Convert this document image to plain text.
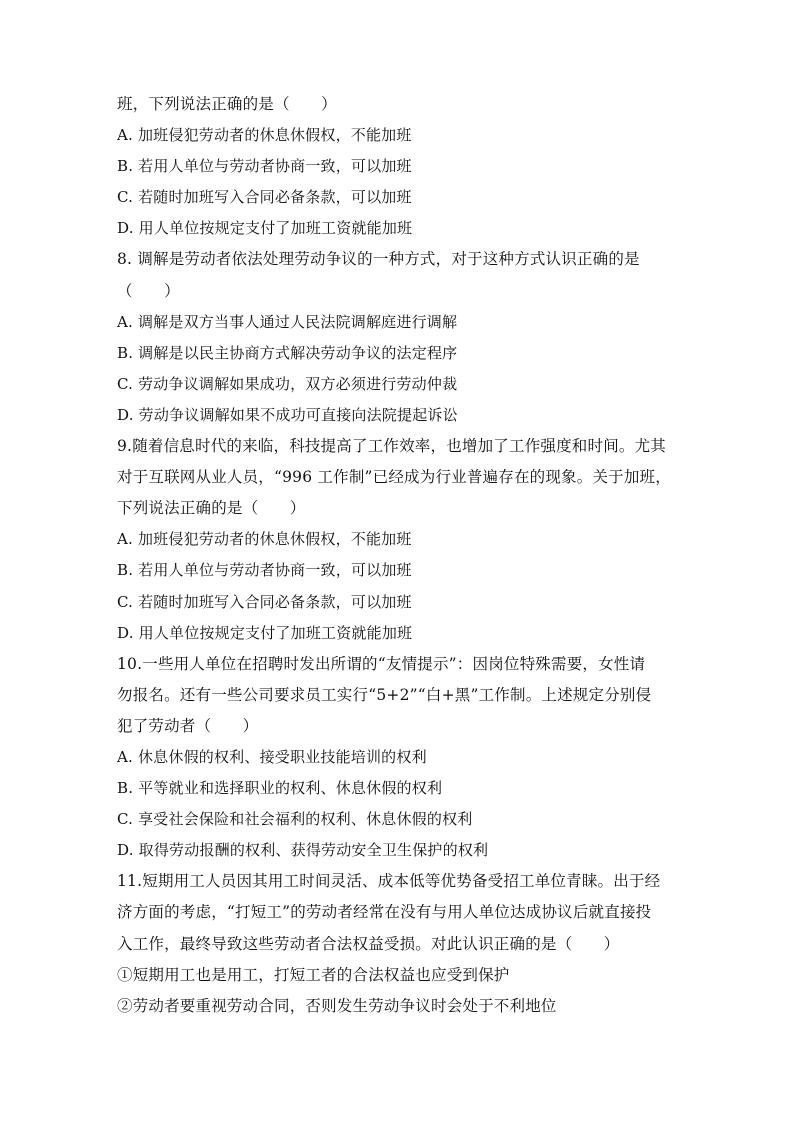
班，下列说法正确的是（　　）
A. 加班侵犯劳动者的休息休假权，不能加班
B. 若用人单位与劳动者协商一致，可以加班
C. 若随时加班写入合同必备条款，可以加班
D. 用人单位按规定支付了加班工资就能加班
8. 调解是劳动者依法处理劳动争议的一种方式，对于这种方式认识正确的是
（　　）
A. 调解是双方当事人通过人民法院调解庭进行调解
B. 调解是以民主协商方式解决劳动争议的法定程序
C. 劳动争议调解如果成功，双方必须进行劳动仲裁
D. 劳动争议调解如果不成功可直接向法院提起诉讼
9.随着信息时代的来临，科技提高了工作效率，也增加了工作强度和时间。尤其
对于互联网从业人员，“996 工作制”已经成为行业普遍存在的现象。关于加班，
下列说法正确的是（　　）
A. 加班侵犯劳动者的休息休假权，不能加班
B. 若用人单位与劳动者协商一致，可以加班
C. 若随时加班写入合同必备条款，可以加班
D. 用人单位按规定支付了加班工资就能加班
10.一些用人单位在招聘时发出所谓的“友情提示”：因岗位特殊需要，女性请
勿报名。还有一些公司要求员工实行“5+2”“白+黑”工作制。上述规定分别侵
犯了劳动者（　　）
A. 休息休假的权利、接受职业技能培训的权利
B. 平等就业和选择职业的权利、休息休假的权利
C. 享受社会保险和社会福利的权利、休息休假的权利
D. 取得劳动报酬的权利、获得劳动安全卫生保护的权利
11.短期用工人员因其用工时间灵活、成本低等优势备受招工单位青睐。出于经
济方面的考虑，“打短工”的劳动者经常在没有与用人单位达成协议后就直接投
入工作，最终导致这些劳动者合法权益受损。对此认识正确的是（　　）
①短期用工也是用工，打短工者的合法权益也应受到保护
②劳动者要重视劳动合同，否则发生劳动争议时会处于不利地位
